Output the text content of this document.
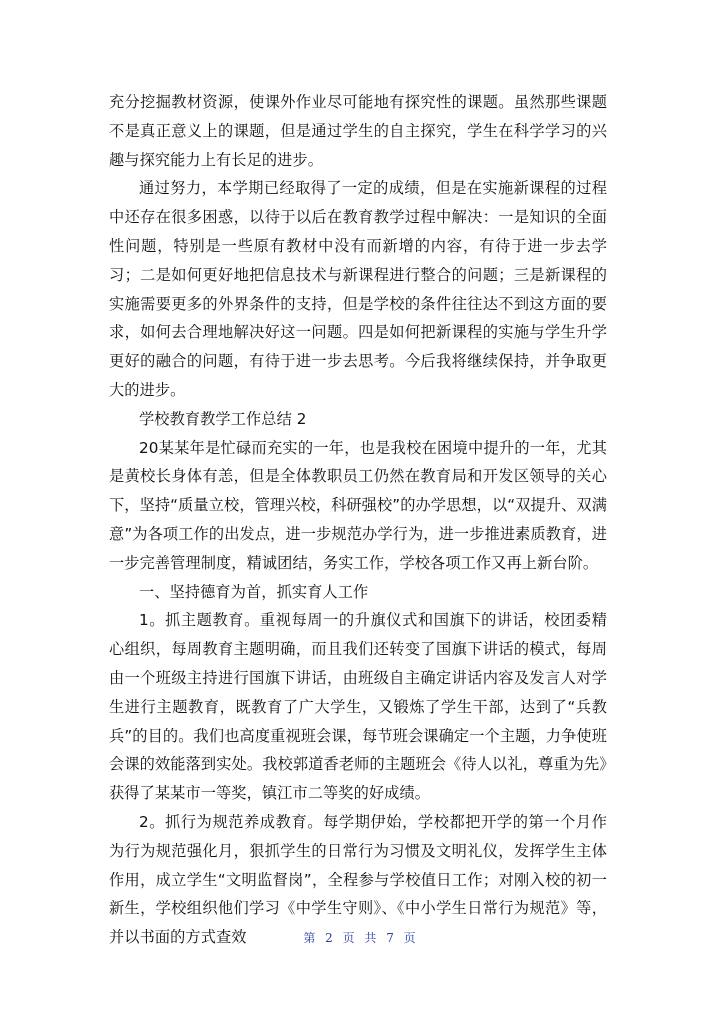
充分挖掘教材资源，使课外作业尽可能地有探究性的课题。虽然那些课题不是真正意义上的课题，但是通过学生的自主探究，学生在科学学习的兴趣与探究能力上有长足的进步。

通过努力，本学期已经取得了一定的成绩，但是在实施新课程的过程中还存在很多困惑，以待于以后在教育教学过程中解决：一是知识的全面性问题，特别是一些原有教材中没有而新增的内容，有待于进一步去学习；二是如何更好地把信息技术与新课程进行整合的问题；三是新课程的实施需要更多的外界条件的支持，但是学校的条件往往达不到这方面的要求，如何去合理地解决好这一问题。四是如何把新课程的实施与学生升学更好的融合的问题，有待于进一步去思考。今后我将继续保持，并争取更大的进步。

学校教育教学工作总结 2

20某某年是忙碌而充实的一年，也是我校在困境中提升的一年，尤其是黄校长身体有恙，但是全体教职员工仍然在教育局和开发区领导的关心下，坚持“质量立校，管理兴校，科研强校”的办学思想，以“双提升、双满意”为各项工作的出发点，进一步规范办学行为，进一步推进素质教育，进一步完善管理制度，精诚团结，务实工作，学校各项工作又再上新台阶。

一、坚持德育为首，抓实育人工作

1。抓主题教育。重视每周一的升旗仪式和国旗下的讲话，校团委精心组织，每周教育主题明确，而且我们还转变了国旗下讲话的模式，每周由一个班级主持进行国旗下讲话，由班级自主确定讲话内容及发言人对学生进行主题教育，既教育了广大学生，又锻炼了学生干部，达到了“兵教兵”的目的。我们也高度重视班会课，每节班会课确定一个主题，力争使班会课的效能落到实处。我校郭道香老师的主题班会《待人以礼，尊重为先》获得了某某市一等奖，镇江市二等奖的好成绩。

2。抓行为规范养成教育。每学期伊始，学校都把开学的第一个月作为行为规范强化月，狠抓学生的日常行为习惯及文明礼仪，发挥学生主体作用，成立学生“文明监督岗”，全程参与学校值日工作；对刚入校的初一新生，学校组织他们学习《中学生守则》、《中小学生日常行为规范》等，并以书面的方式查效	第 2 页 共 7 页
